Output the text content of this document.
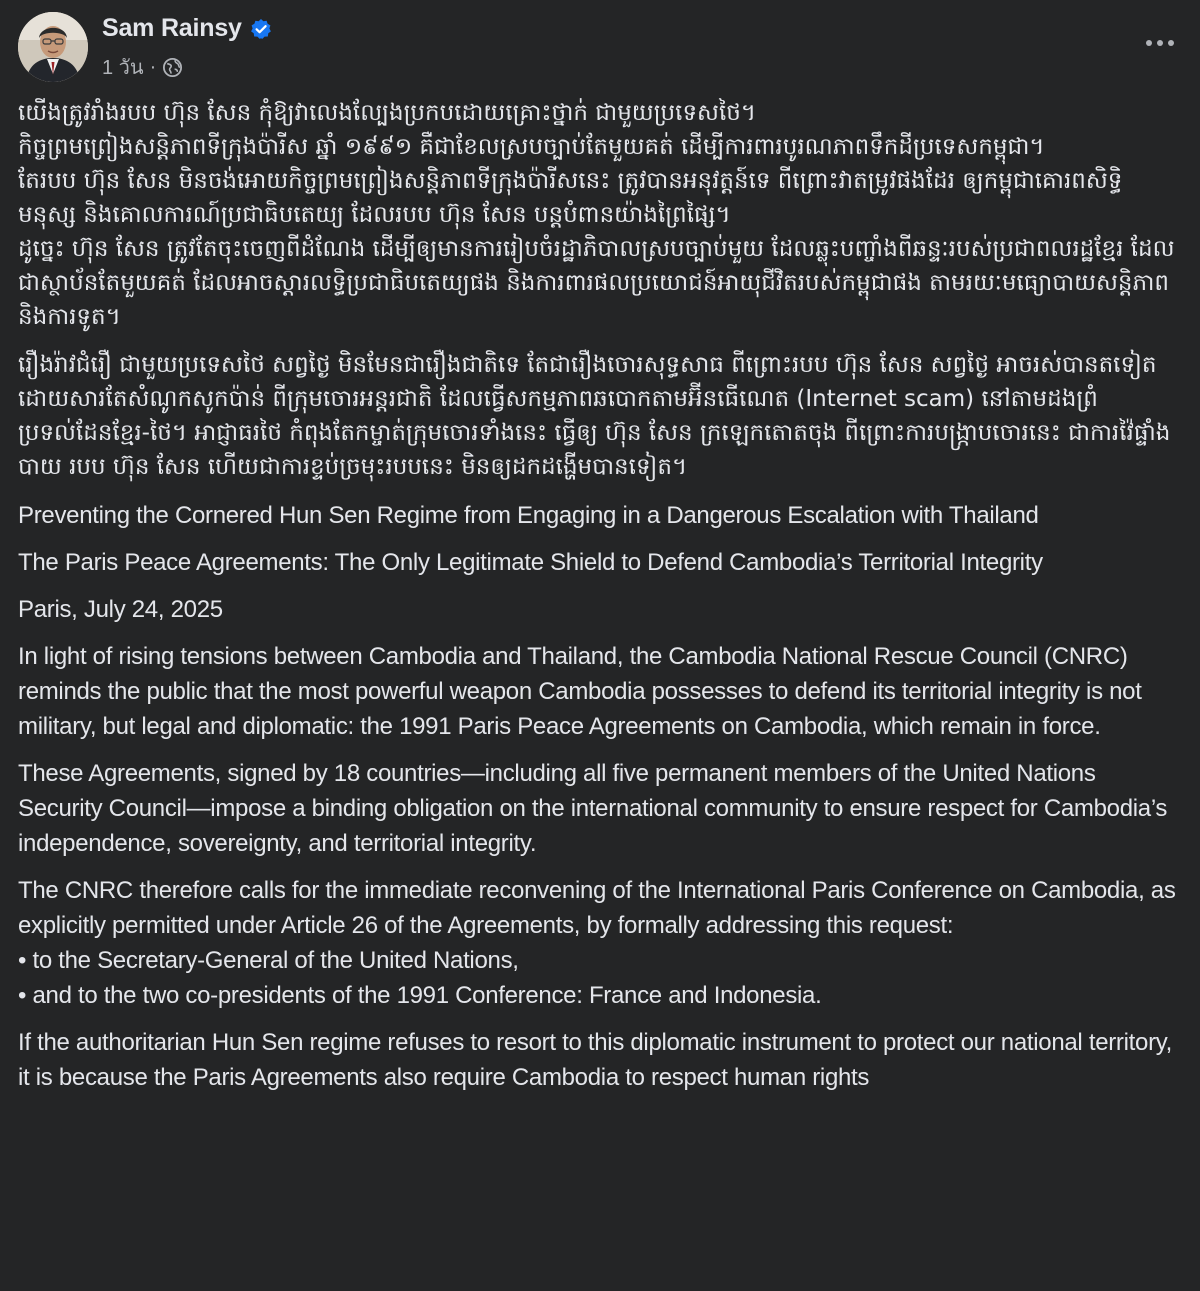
Sam Rainsy
1 วัน ·
យើងត្រូវរាំងរបប ហ៊ុន សែន កុំឱ្យវាលេងល្បែងប្រកបដោយគ្រោះថ្នាក់ ជាមួយប្រទេសថៃ។
កិច្ចព្រមព្រៀងសន្តិភាពទីក្រុងប៉ារីស ឆ្នាំ ១៩៩១ គឺជាខែលស្របច្បាប់តែមួយគត់ ដើម្បីការពារបូរណភាពទឹកដីប្រទេសកម្ពុជា។
តែរបប ហ៊ុន សែន មិនចង់អោយកិច្ចព្រមព្រៀងសន្តិភាពទីក្រុងប៉ារីសនេះ ត្រូវបានអនុវត្តន៍ទេ ពីព្រោះវាតម្រូវផងដែរ ឲ្យកម្ពុជាគោរពសិទ្ធិមនុស្ស និងគោលការណ៍ប្រជាធិបតេយ្យ ដែលរបប ហ៊ុន សែន បន្តបំពានយ៉ាងព្រៃផ្សៃ។
ដូច្នេះ ហ៊ុន សែន ត្រូវតែចុះចេញពីដំណែង ដើម្បីឲ្យមានការរៀបចំរដ្ឋាភិបាលស្របច្បាប់មួយ ដែលឆ្លុះបញ្ចាំងពីឆន្ទៈរបស់ប្រជាពលរដ្ឋខ្មែរ ដែលជាស្ថាប័នតែមួយគត់ ដែលអាចស្តារលទ្ធិប្រជាធិបតេយ្យផង និងការពារផលប្រយោជន៍អាយុជីវិតរបស់កម្ពុជាផង តាមរយៈមធ្យោបាយសន្តិភាព និងការទូត។
រឿងរ៉ាវជំរឿ ជាមួយប្រទេសថៃ សព្វថ្ងៃ មិនមែនជារឿងជាតិទេ តែជារឿងចោរសុទ្ធសាធ ពីព្រោះរបប ហ៊ុន សែន សព្វថ្ងៃ អាចរស់បានតទៀត ដោយសារតែសំណូកសូកប៉ាន់ ពីក្រុមចោរអន្តរជាតិ ដែលធ្វើសកម្មភាពឆបោកតាមអ៊ីនធើណេត (Internet scam) នៅតាមដងព្រំប្រទល់ដែនខ្មែរ-ថៃ។ អាជ្ញាធរថៃ កំពុងតែកម្ចាត់ក្រុមចោរទាំងនេះ ធ្វើឲ្យ ហ៊ុន សែន ក្រឡេកតោតចុង ពីព្រោះការបង្ក្រាបចោរនេះ ជាការវ៉ៃផ្ទាំងបាយ របប ហ៊ុន សែន ហើយជាការខ្ទប់ច្រមុះរបបនេះ មិនឲ្យដកដង្ហើមបានទៀត។
Preventing the Cornered Hun Sen Regime from Engaging in a Dangerous Escalation with Thailand
The Paris Peace Agreements: The Only Legitimate Shield to Defend Cambodia’s Territorial Integrity
Paris, July 24, 2025
In light of rising tensions between Cambodia and Thailand, the Cambodia National Rescue Council (CNRC) reminds the public that the most powerful weapon Cambodia possesses to defend its territorial integrity is not military, but legal and diplomatic: the 1991 Paris Peace Agreements on Cambodia, which remain in force.
These Agreements, signed by 18 countries—including all five permanent members of the United Nations Security Council—impose a binding obligation on the international community to ensure respect for Cambodia’s independence, sovereignty, and territorial integrity.
The CNRC therefore calls for the immediate reconvening of the International Paris Conference on Cambodia, as explicitly permitted under Article 26 of the Agreements, by formally addressing this request:
• to the Secretary-General of the United Nations,
• and to the two co-presidents of the 1991 Conference: France and Indonesia.
If the authoritarian Hun Sen regime refuses to resort to this diplomatic instrument to protect our national territory, it is because the Paris Agreements also require Cambodia to respect human rights
